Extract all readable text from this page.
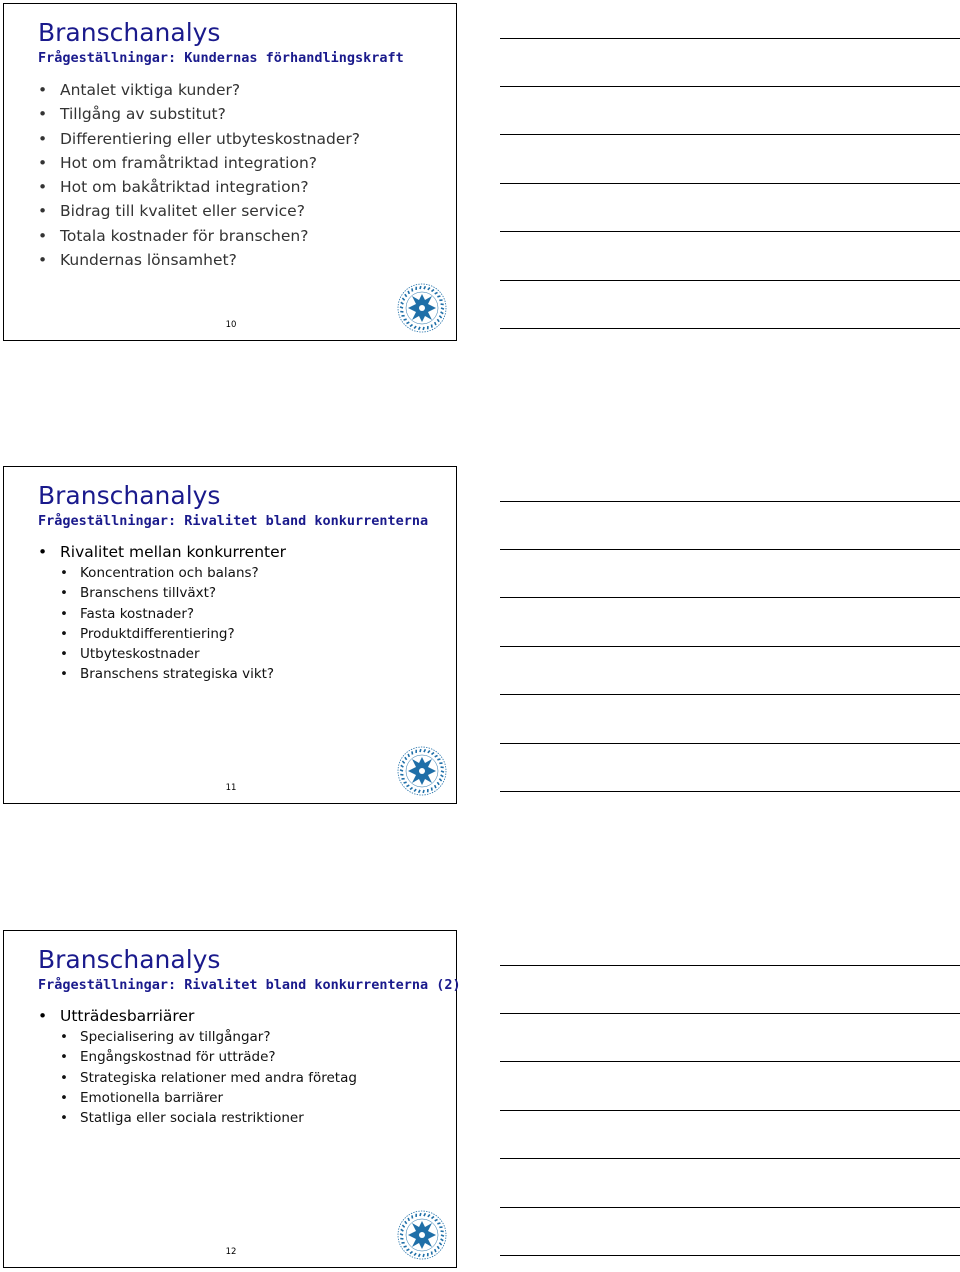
Branschanalys
Frågeställningar: Kundernas förhandlingskraft
• Antalet viktiga kunder?
• Tillgång av substitut?
• Differentiering eller utbyteskostnader?
• Hot om framåtriktad integration?
• Hot om bakåtriktad integration?
• Bidrag till kvalitet eller service?
• Totala kostnader för branschen?
• Kundernas lönsamhet?
10
Branschanalys
Frågeställningar: Rivalitet bland konkurrenterna
• Rivalitet mellan konkurrenter
• Koncentration och balans?
• Branschens tillväxt?
• Fasta kostnader?
• Produktdifferentiering?
• Utbyteskostnader
• Branschens strategiska vikt?
11
Branschanalys
Frågeställningar: Rivalitet bland konkurrenterna (2)
• Utträdesbarriärer
• Specialisering av tillgångar?
• Engångskostnad för utträde?
• Strategiska relationer med andra företag
• Emotionella barriärer
• Statliga eller sociala restriktioner
12
